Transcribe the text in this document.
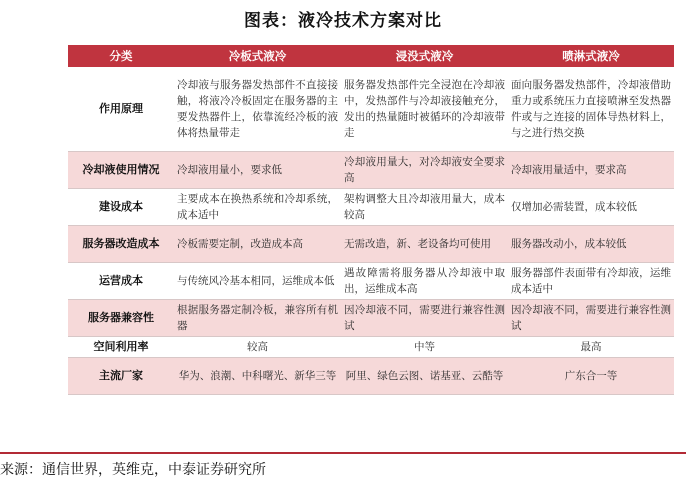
图表：液冷技术方案对比
分类	冷板式液冷	浸没式液冷	喷淋式液冷
作用原理	冷却液与服务器发热部件不直接接触，将液冷冷板固定在服务器的主要发热器件上，依靠流经冷板的液体将热量带走	服务器发热部件完全浸泡在冷却液中，发热部件与冷却液接触充分，发出的热量随时被循环的冷却液带走	面向服务器发热部件，冷却液借助重力或系统压力直接喷淋至发热器件或与之连接的固体导热材料上，与之进行热交换
冷却液使用情况	冷却液用量小，要求低	冷却液用量大，对冷却液安全要求高	冷却液用量适中，要求高
建设成本	主要成本在换热系统和冷却系统，成本适中	架构调整大且冷却液用量大，成本较高	仅增加必需装置，成本较低
服务器改造成本	冷板需要定制，改造成本高	无需改造，新、老设备均可使用	服务器改动小，成本较低
运营成本	与传统风冷基本相同，运维成本低	遇故障需将服务器从冷却液中取出，运维成本高	服务器部件表面带有冷却液，运维成本适中
服务器兼容性	根据服务器定制冷板，兼容所有机器	因冷却液不同，需要进行兼容性测试	因冷却液不同，需要进行兼容性测试
空间利用率	较高	中等	最高
主流厂家	华为、浪潮、中科曙光、新华三等	阿里、绿色云图、诺基亚、云酷等	广东合一等
来源：通信世界，英维克，中泰证券研究所
